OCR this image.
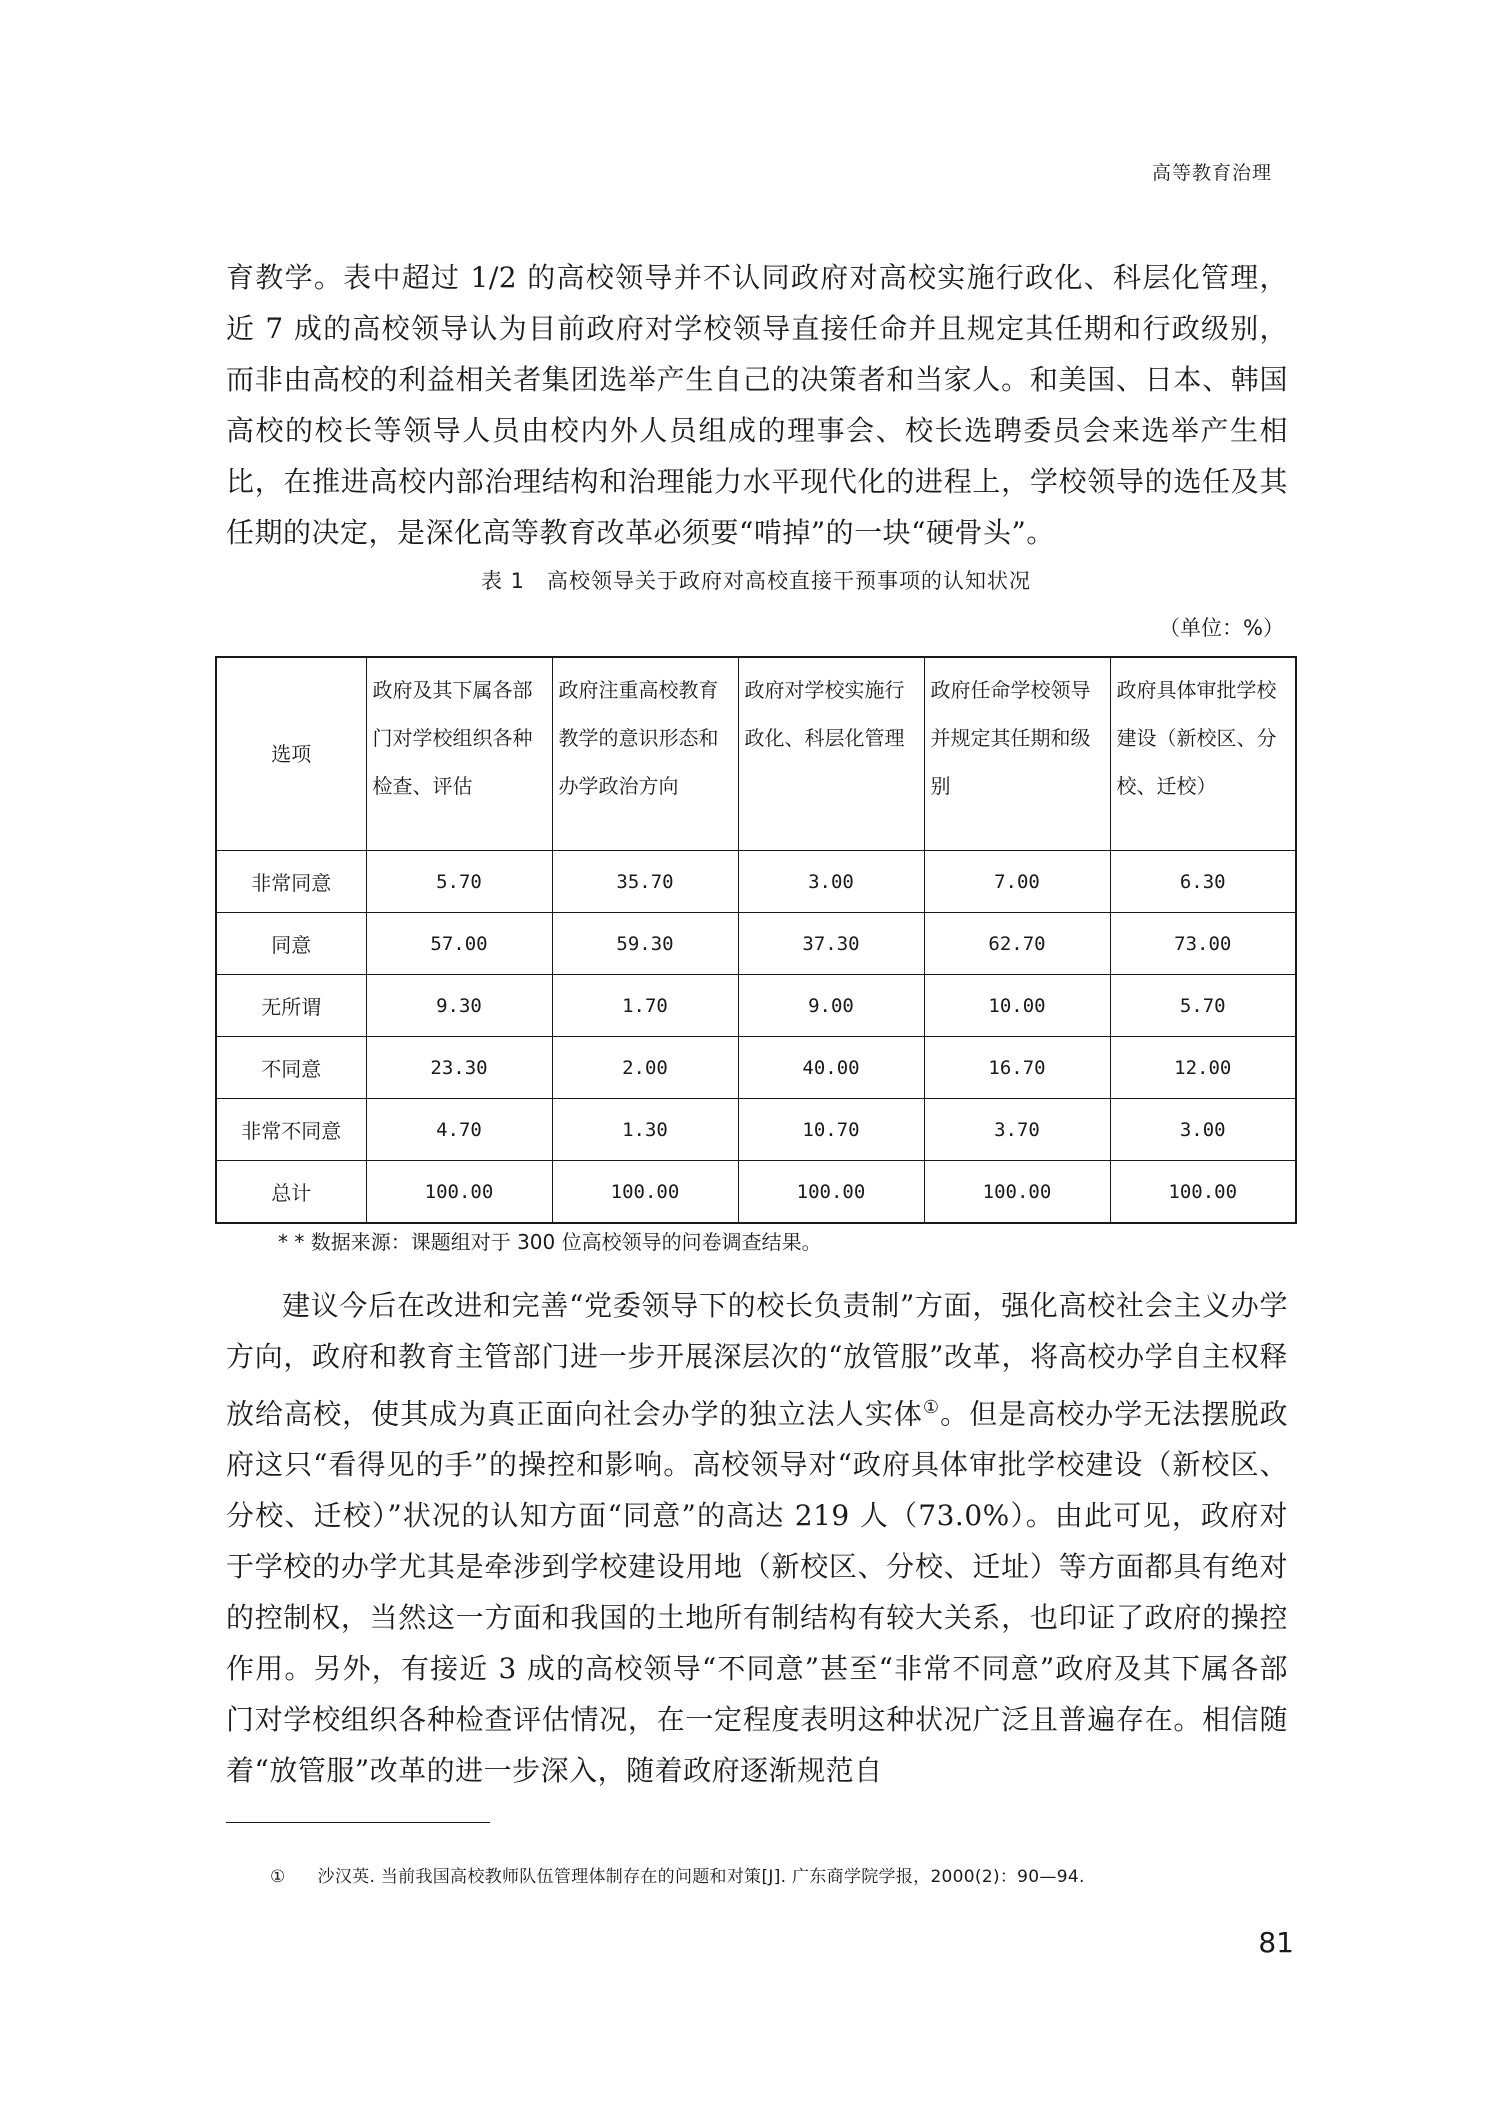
高等教育治理

育教学。表中超过 1/2 的高校领导并不认同政府对高校实施行政化、科层化管理，近 7 成的高校领导认为目前政府对学校领导直接任命并且规定其任期和行政级别，而非由高校的利益相关者集团选举产生自己的决策者和当家人。和美国、日本、韩国高校的校长等领导人员由校内外人员组成的理事会、校长选聘委员会来选举产生相比，在推进高校内部治理结构和治理能力水平现代化的进程上，学校领导的选任及其任期的决定，是深化高等教育改革必须要“啃掉”的一块“硬骨头”。

表 1　高校领导关于政府对高校直接干预事项的认知状况
（单位：%）
选项	政府及其下属各部门对学校组织各种检查、评估	政府注重高校教育教学的意识形态和办学政治方向	政府对学校实施行政化、科层化管理	政府任命学校领导并规定其任期和级别	政府具体审批学校建设（新校区、分校、迁校）
非常同意	5.70	35.70	3.00	7.00	6.30
同意	57.00	59.30	37.30	62.70	73.00
无所谓	9.30	1.70	9.00	10.00	5.70
不同意	23.30	2.00	40.00	16.70	12.00
非常不同意	4.70	1.30	10.70	3.70	3.00
总计	100.00	100.00	100.00	100.00	100.00
* * 数据来源：课题组对于 300 位高校领导的问卷调查结果。

建议今后在改进和完善“党委领导下的校长负责制”方面，强化高校社会主义办学方向，政府和教育主管部门进一步开展深层次的“放管服”改革，将高校办学自主权释放给高校，使其成为真正面向社会办学的独立法人实体①。但是高校办学无法摆脱政府这只“看得见的手”的操控和影响。高校领导对“政府具体审批学校建设（新校区、分校、迁校）”状况的认知方面“同意”的高达 219 人（73.0%）。由此可见，政府对于学校的办学尤其是牵涉到学校建设用地（新校区、分校、迁址）等方面都具有绝对的控制权，当然这一方面和我国的土地所有制结构有较大关系，也印证了政府的操控作用。另外，有接近 3 成的高校领导“不同意”甚至“非常不同意”政府及其下属各部门对学校组织各种检查评估情况，在一定程度表明这种状况广泛且普遍存在。相信随着“放管服”改革的进一步深入，随着政府逐渐规范自

① 沙汉英. 当前我国高校教师队伍管理体制存在的问题和对策[J]. 广东商学院学报，2000(2)：90—94.
81
